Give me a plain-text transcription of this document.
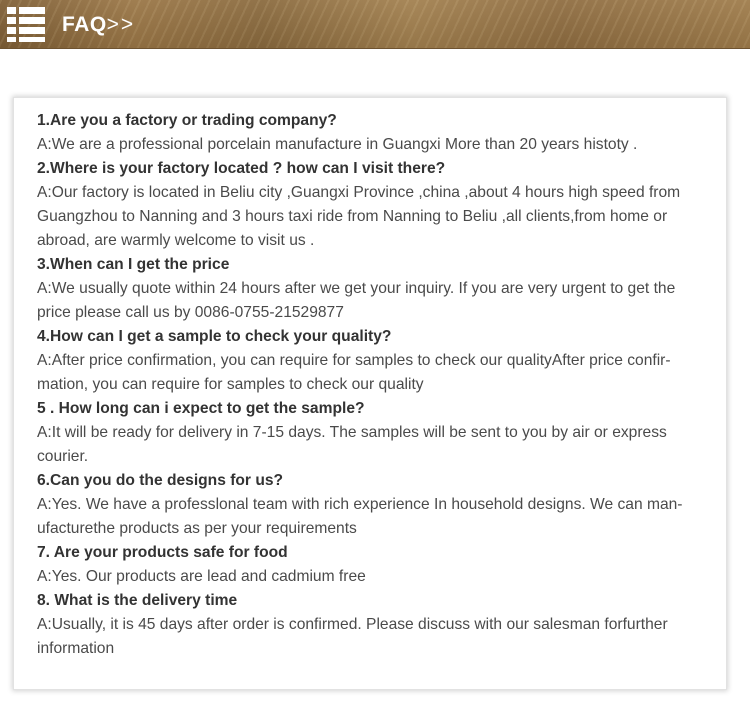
FAQ>>
1.Are you a factory or trading company?
A:We are a professional porcelain manufacture in Guangxi More than 20 years histoty .
2.Where is your factory located ? how can I visit there?
A:Our factory is located in Beliu city ,Guangxi Province ,china ,about 4 hours high speed from
Guangzhou to Nanning and 3 hours taxi ride from Nanning to Beliu ,all clients,from home or
abroad, are warmly welcome to visit us .
3.When can I get the price
A:We usually quote within 24 hours after we get your inquiry. If you are very urgent to get the
price please call us by 0086-0755-21529877
4.How can I get a sample to check your quality?
A:After price confirmation, you can require for samples to check our qualityAfter price confir-
mation, you can require for samples to check our quality
5 . How long can i expect to get the sample?
A:It will be ready for delivery in 7-15 days. The samples will be sent to you by air or express
courier.
6.Can you do the designs for us?
A:Yes. We have a professlonal team with rich experience In household designs. We can man-
ufacturethe products as per your requirements
7. Are your products safe for food
A:Yes. Our products are lead and cadmium free
8. What is the delivery time
A:Usually, it is 45 days after order is confirmed. Please discuss with our salesman forfurther
information
